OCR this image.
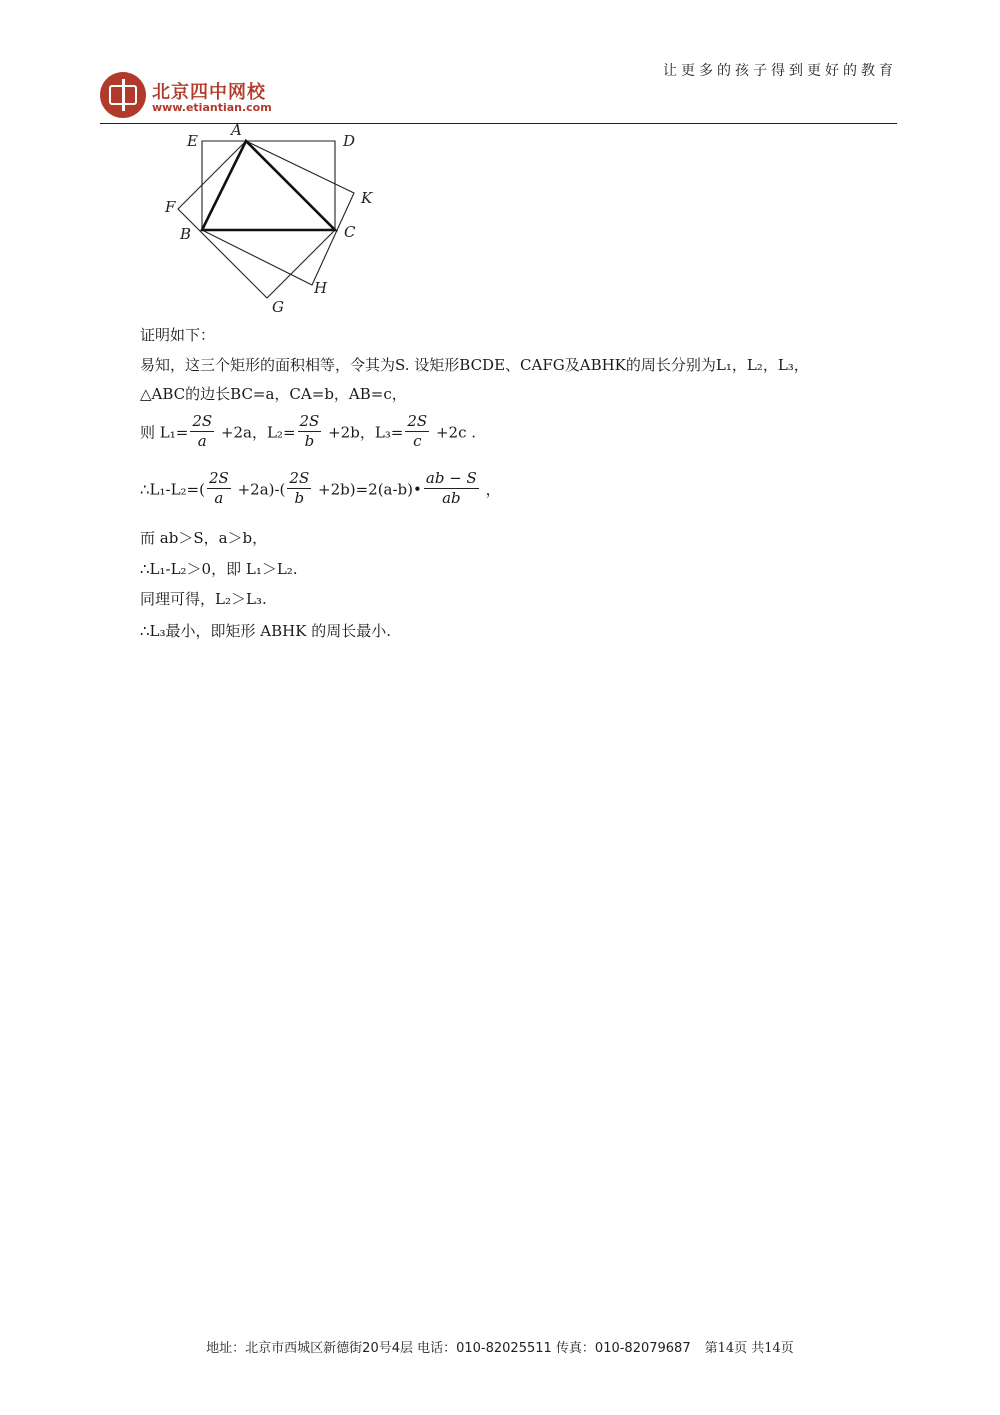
北京四中网校
www.etiantian.com
让更多的孩子得到更好的教育
A
E	D
K
F
B	C
H
G
证明如下：
易知，这三个矩形的面积相等，令其为S. 设矩形BCDE、CAFG及ABHK的周长分别为L₁，L₂，L₃，
△ABC的边长BC=a，CA=b，AB=c，
则 $L_1= \frac{2S}{a} +2a$，$L_2= \frac{2S}{b} +2b$，$L_3= \frac{2S}{c} +2c$ .
∴L₁-L₂=( $\frac{2S}{a} +2a)-( \frac{2S}{b}$ +2b)=2(a-b)• $\frac{ab - S}{ab}$ ，
而 ab＞S，a＞b，
∴L₁-L₂＞0，即 L₁＞L₂.
同理可得，L₂＞L₃.
∴L₃最小，即矩形 ABHK 的周长最小.
地址：北京市西城区新德街20号4层 电话：010-82025511 传真：010-82079687 第14页 共14页
